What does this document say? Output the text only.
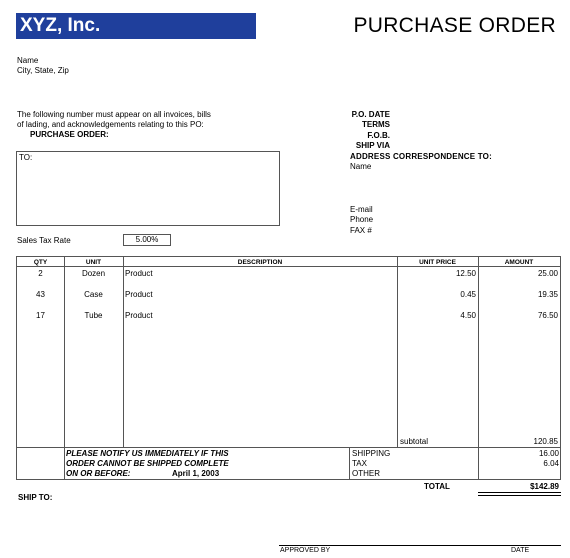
XYZ, Inc.	PURCHASE ORDER
Name
City, State, Zip
The following number must appear on all invoices, bills
of lading, and acknowledgements relating to this PO:
PURCHASE ORDER:
P.O. DATE
TERMS
F.O.B.
SHIP VIA
ADDRESS CORRESPONDENCE TO:
Name
E-mail
Phone
FAX #
TO:
Sales Tax Rate	5.00%
QTY	UNIT	DESCRIPTION	UNIT PRICE	AMOUNT
2	Dozen	Product	12.50	25.00
43	Case	Product	0.45	19.35
17	Tube	Product	4.50	76.50
subtotal	120.85
PLEASE NOTIFY US IMMEDIATELY IF THIS
ORDER CANNOT BE SHIPPED COMPLETE
ON OR BEFORE:	April 1, 2003
SHIPPING	16.00
TAX	6.04
OTHER
TOTAL	$142.89
SHIP TO:
APPROVED BY	DATE
